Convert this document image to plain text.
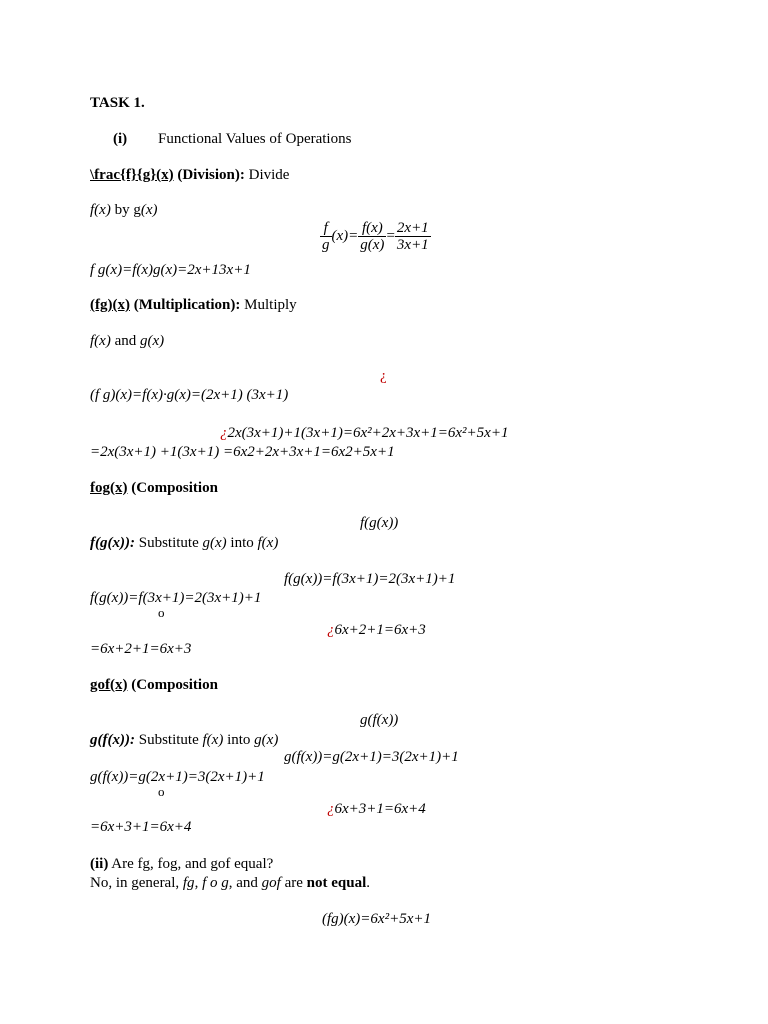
TASK 1.
(i) Functional Values of Operations
\frac{f}{g}(x) (Division): Divide
f(x) by g(x)
$\frac{f}{g} (x)= \frac{f(x)}{g(x)} = \frac{2x+1}{3x+1}$
f g(x)=f(x)g(x)=2x+13x+1
(fg)(x) (Multiplication): Multiply
f(x) and g(x)
¿
(f g)(x)=f(x)·g(x)=(2x+1) (3x+1)
¿2x(3x+1)+1(3x+1)=6x²+2x+3x+1=6x²+5x+1
=2x(3x+1) +1(3x+1) =6x2+2x+3x+1=6x2+5x+1
fog(x) (Composition
f(g(x))
f(g(x)): Substitute g(x) into f(x)
f(g(x))=f(3x+1)=2(3x+1)+1
f(g(x))=f(3x+1)=2(3x+1)+1
o
¿6x+2+1=6x+3
=6x+2+1=6x+3
gof(x) (Composition
g(f(x))
g(f(x)): Substitute f(x) into g(x)
g(f(x))=g(2x+1)=3(2x+1)+1
g(f(x))=g(2x+1)=3(2x+1)+1
o
¿6x+3+1=6x+4
=6x+3+1=6x+4
(ii) Are fg, fog, and gof equal?
No, in general, fg, f o g, and gof are not equal.
(fg)(x)=6x²+5x+1
